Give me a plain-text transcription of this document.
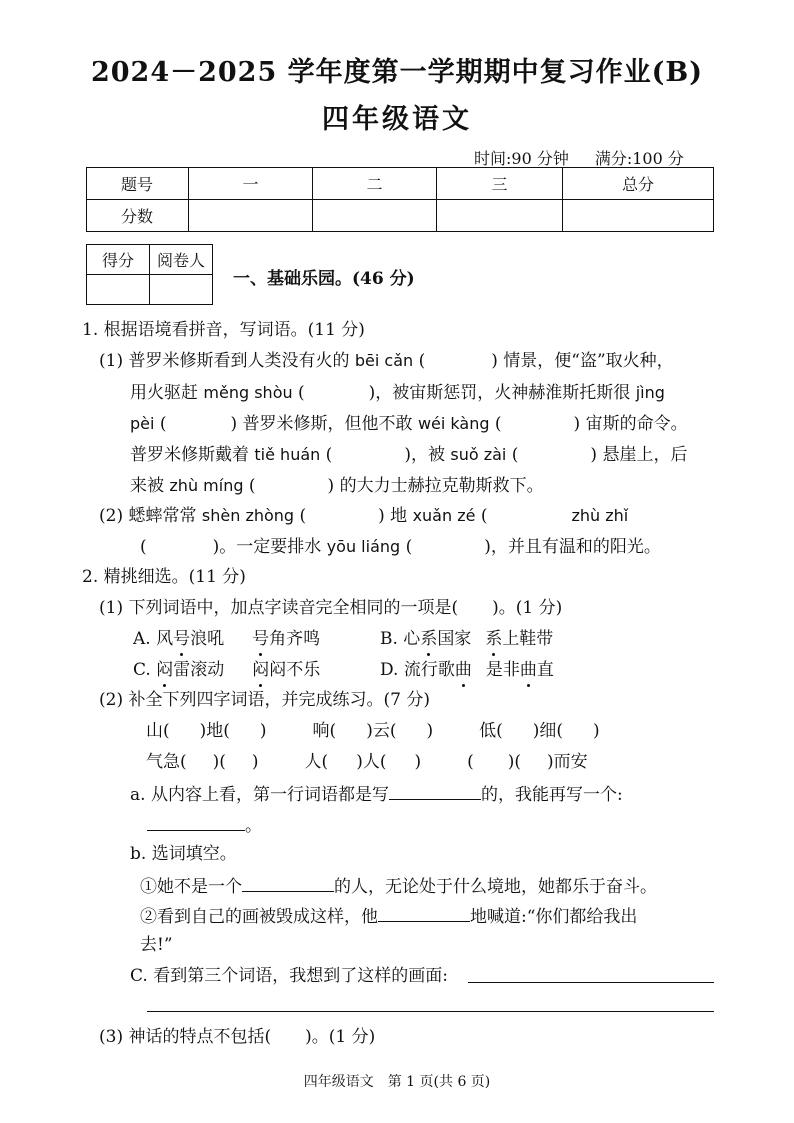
2024－2025 学年度第一学期期中复习作业(B)
四年级语文
时间:90 分钟 满分:100 分
题号	一	二	三	总分
分数				
得分	阅卷人

一、基础乐园。(46 分)
1. 根据语境看拼音，写词语。(11 分)
(1) 普罗米修斯看到人类没有火的 bēi cǎn (	) 情景，便“盗”取火种，
用火驱赶 měng shòu (	)，被宙斯惩罚，火神赫淮斯托斯很 jìng
pèi (	) 普罗米修斯，但他不敢 wéi kàng (	) 宙斯的命令。
普罗米修斯戴着 tiě huán (	)，被 suǒ zài (	) 悬崖上，后
来被 zhù míng (	) 的大力士赫拉克勒斯救下。
(2) 蟋蟀常常 shèn zhòng (	) 地 xuǎn zé (	zhù zhǐ
(	)。一定要排水 yōu liáng (	)，并且有温和的阳光。
2. 精挑细选。(11 分)
(1) 下列词语中，加点字读音完全相同的一项是(　　)。(1 分)
A. 风号浪吼 号角齐鸣	B. 心系国家 系上鞋带
C. 闷雷滚动 闷闷不乐	D. 流行歌曲 是非曲直
(2) 补全下列四字词语，并完成练习。(7 分)
山( )地( )	响( )云( )	低( )细( )
气急( )( )	人( )人( )	( )( )而安
a. 从内容上看，第一行词语都是写	的，我能再写一个:
。
b. 选词填空。
①她不是一个	的人，无论处于什么境地，她都乐于奋斗。
②看到自己的画被毁成这样，他	地喊道:“你们都给我出
去!”
C. 看到第三个词语，我想到了这样的画面:
(3) 神话的特点不包括(　　)。(1 分)
四年级语文　第 1 页(共 6 页)
